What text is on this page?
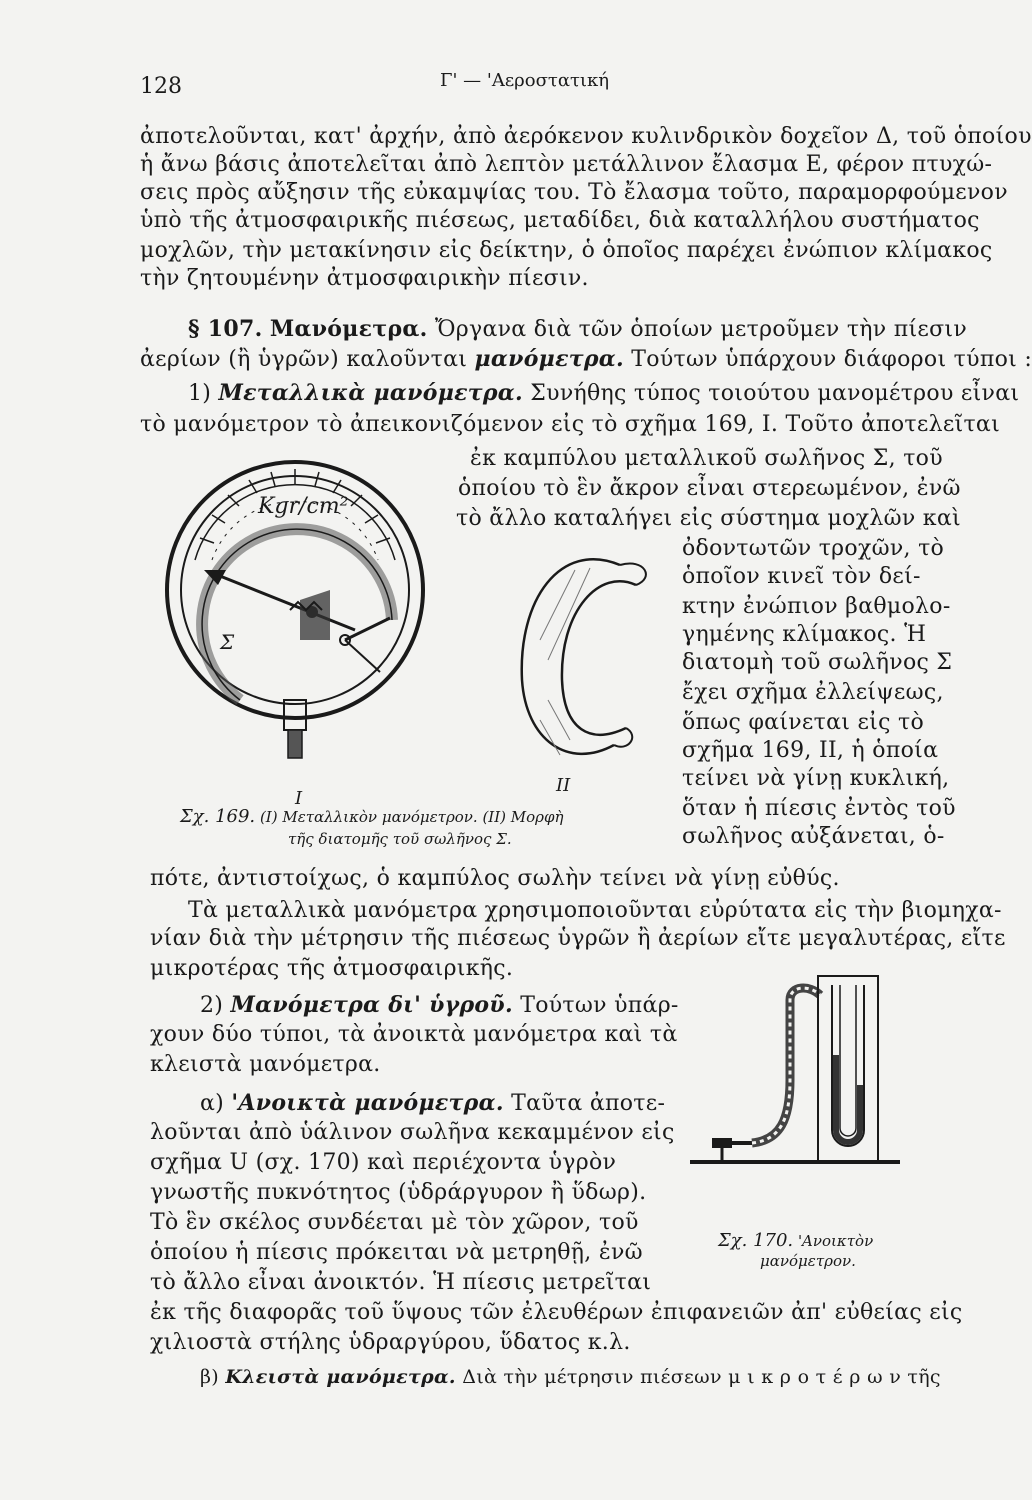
128	Γ' — 'Αεροστατική
ἀποτελοῦνται, κατ' ἀρχήν, ἀπὸ ἀερόκενον κυλινδρικὸν δοχεῖον Δ, τοῦ ὁποίου
ἡ ἄνω βάσις ἀποτελεῖται ἀπὸ λεπτὸν μετάλλινον ἔλασμα Ε, φέρον πτυχώ-
σεις πρὸς αὔξησιν τῆς εὐκαμψίας του. Τὸ ἔλασμα τοῦτο, παραμορφούμενον
ὑπὸ τῆς ἀτμοσφαιρικῆς πιέσεως, μεταδίδει, διὰ καταλλήλου συστήματος
μοχλῶν, τὴν μετακίνησιν εἰς δείκτην, ὁ ὁποῖος παρέχει ἐνώπιον κλίμακος
τὴν ζητουμένην ἀτμοσφαιρικὴν πίεσιν.
§ 107. Μανόμετρα. Ὄργανα διὰ τῶν ὁποίων μετροῦμεν τὴν πίεσιν
ἀερίων (ἢ ὑγρῶν) καλοῦνται μανόμετρα. Τούτων ὑπάρχουν διάφοροι τύποι :
1) Μεταλλικὰ μανόμετρα. Συνήθης τύπος τοιούτου μανομέτρου εἶναι
τὸ μανόμετρον τὸ ἀπεικονιζόμενον εἰς τὸ σχῆμα 169, Ι. Τοῦτο ἀποτελεῖται
ἐκ καμπύλου μεταλλικοῦ σωλῆνος Σ, τοῦ
ὁποίου τὸ ἓν ἄκρον εἶναι στερεωμένον, ἐνῶ
τὸ ἄλλο καταλήγει εἰς σύστημα μοχλῶν καὶ
ὀδοντωτῶν τροχῶν, τὸ
ὁποῖον κινεῖ τὸν δεί-
κτην ἐνώπιον βαθμολο-
γημένης κλίμακος. Ἡ
διατομὴ τοῦ σωλῆνος Σ
ἔχει σχῆμα ἐλλείψεως,
ὅπως φαίνεται εἰς τὸ
σχῆμα 169, ΙΙ, ἡ ὁποία
τείνει νὰ γίνῃ κυκλική,
ὅταν ἡ πίεσις ἐντὸς τοῦ
σωλῆνος αὐξάνεται, ὁ-
Kgr/cm²
Σ
Ι
ΙΙ
Σχ. 169. (Ι) Μεταλλικὸν μανόμετρον. (ΙΙ) Μορφὴ
τῆς διατομῆς τοῦ σωλῆνος Σ.
πότε, ἀντιστοίχως, ὁ καμπύλος σωλὴν τείνει νὰ γίνῃ εὐθύς.
Τὰ μεταλλικὰ μανόμετρα χρησιμοποιοῦνται εὐρύτατα εἰς τὴν βιομηχα-
νίαν διὰ τὴν μέτρησιν τῆς πιέσεως ὑγρῶν ἢ ἀερίων εἴτε μεγαλυτέρας, εἴτε
μικροτέρας τῆς ἀτμοσφαιρικῆς.
2) Μανόμετρα δι' ὑγροῦ. Τούτων ὑπάρ-
χουν δύο τύποι, τὰ ἀνοικτὰ μανόμετρα καὶ τὰ
κλειστὰ μανόμετρα.
α) 'Ανοικτὰ μανόμετρα. Ταῦτα ἀποτε-
λοῦνται ἀπὸ ὑάλινον σωλῆνα κεκαμμένον εἰς
σχῆμα U (σχ. 170) καὶ περιέχοντα ὑγρὸν
γνωστῆς πυκνότητος (ὑδράργυρον ἢ ὕδωρ).
Τὸ ἓν σκέλος συνδέεται μὲ τὸν χῶρον, τοῦ
ὁποίου ἡ πίεσις πρόκειται νὰ μετρηθῇ, ἐνῶ
τὸ ἄλλο εἶναι ἀνοικτόν. Ἡ πίεσις μετρεῖται
ἐκ τῆς διαφορᾶς τοῦ ὕψους τῶν ἐλευθέρων ἐπιφανειῶν ἀπ' εὐθείας εἰς
χιλιοστὰ στήλης ὑδραργύρου, ὕδατος κ.λ.
β) Κλειστὰ μανόμετρα. Διὰ τὴν μέτρησιν πιέσεων μ ι κ ρ ο τ έ ρ ω ν τῆς
Σχ. 170. 'Ανοικτὸν
μανόμετρον.
